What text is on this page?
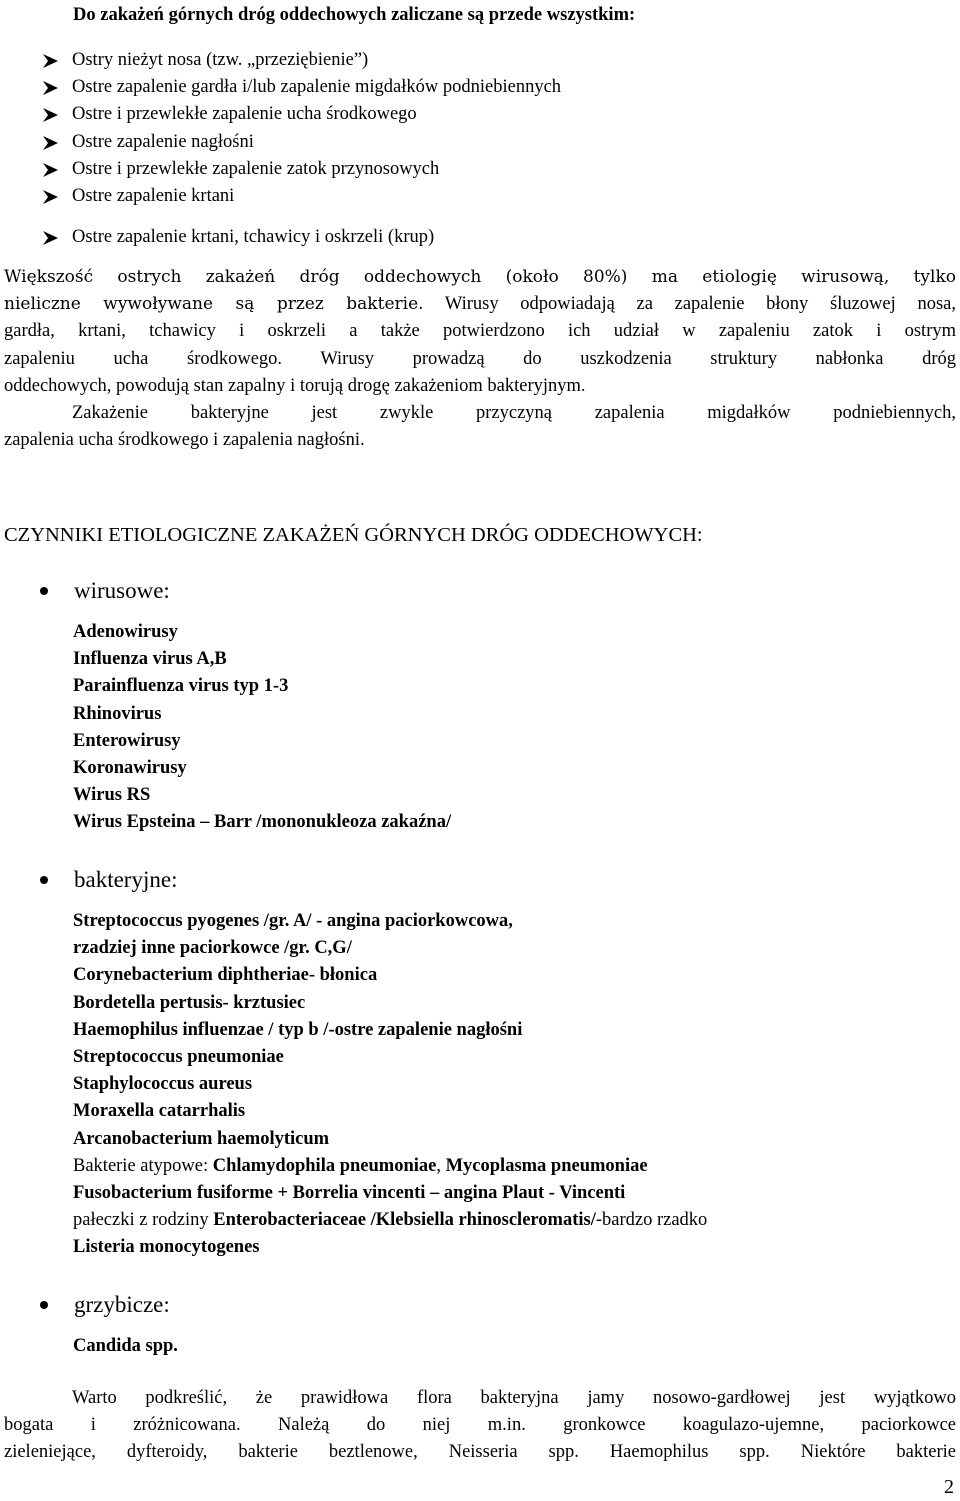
Do zakażeń górnych dróg oddechowych zaliczane są przede wszystkim:
Ostry nieżyt nosa (tzw. „przeziębienie”)
Ostre zapalenie gardła i/lub zapalenie migdałków podniebiennych
Ostre i przewlekłe zapalenie ucha środkowego
Ostre zapalenie nagłośni
Ostre i przewlekłe zapalenie zatok przynosowych
Ostre zapalenie krtani
Ostre zapalenie krtani, tchawicy i oskrzeli (krup)
Większość ostrych zakażeń dróg oddechowych (około 80%) ma etiologię wirusową, tylko
nieliczne wywoływane są przez bakterie. Wirusy odpowiadają za zapalenie błony śluzowej nosa,
gardła, krtani, tchawicy i oskrzeli a także potwierdzono ich udział w zapaleniu zatok i ostrym
zapaleniu ucha środkowego. Wirusy prowadzą do uszkodzenia struktury nabłonka dróg
oddechowych, powodują stan zapalny i torują drogę zakażeniom bakteryjnym.
Zakażenie bakteryjne jest zwykle przyczyną zapalenia migdałków podniebiennych,
zapalenia ucha środkowego i zapalenia nagłośni.
CZYNNIKI ETIOLOGICZNE ZAKAŻEŃ GÓRNYCH DRÓG ODDECHOWYCH:
wirusowe:
Adenowirusy
Influenza virus A,B
Parainfluenza virus typ 1-3
Rhinovirus
Enterowirusy
Koronawirusy
Wirus RS
Wirus Epsteina – Barr /mononukleoza zakaźna/
bakteryjne:
Streptococcus pyogenes /gr. A/ - angina paciorkowcowa,
rzadziej inne paciorkowce /gr. C,G/
Corynebacterium diphtheriae- błonica
Bordetella pertusis- krztusiec
Haemophilus influenzae / typ b /-ostre zapalenie nagłośni
Streptococcus pneumoniae
Staphylococcus aureus
Moraxella catarrhalis
Arcanobacterium haemolyticum
Bakterie atypowe: Chlamydophila pneumoniae, Mycoplasma pneumoniae
Fusobacterium fusiforme + Borrelia vincenti – angina Plaut - Vincenti
pałeczki z rodziny Enterobacteriaceae /Klebsiella rhinoscleromatis/-bardzo rzadko
Listeria monocytogenes
grzybicze:
Candida spp.
Warto podkreślić, że prawidłowa flora bakteryjna jamy nosowo-gardłowej jest wyjątkowo
bogata i zróżnicowana. Należą do niej m.in. gronkowce koagulazo-ujemne, paciorkowce
zieleniejące, dyfteroidy, bakterie beztlenowe, Neisseria spp. Haemophilus spp. Niektóre bakterie
2
